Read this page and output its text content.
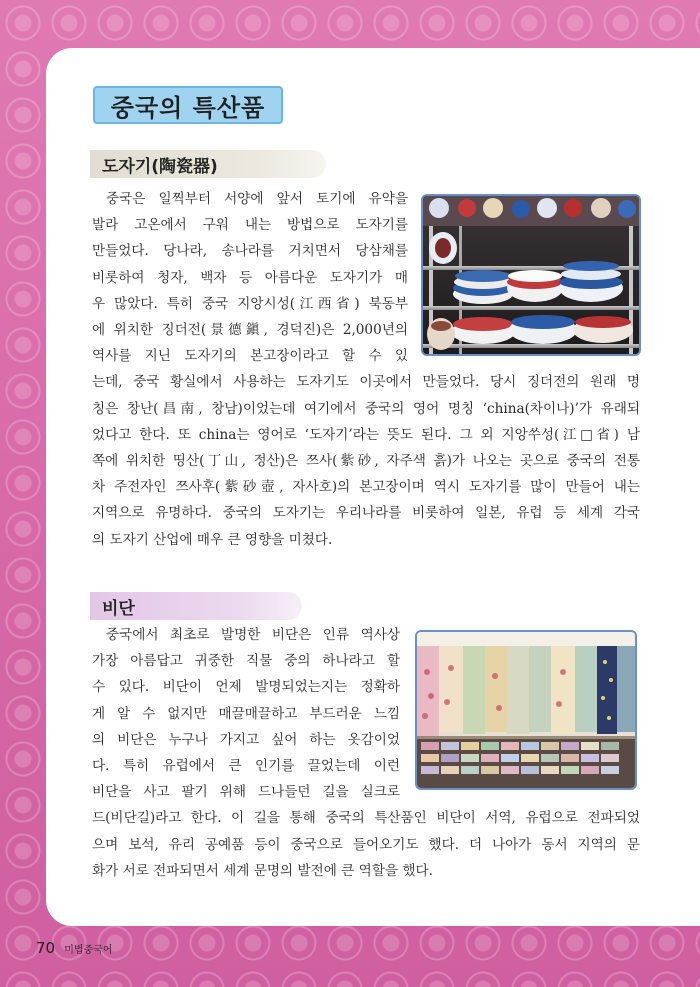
중국의 특산품
도자기(陶瓷器)

중국은 일찍부터 서양에 앞서 토기에 유약을
발라 고온에서 구워 내는 방법으로 도자기를
만들었다. 당나라, 송나라를 거치면서 당삼채를
비롯하여 청자, 백자 등 아름다운 도자기가 매
우 많았다. 특히 중국 지앙시성(江西省) 북동부
에 위치한 징더전(景德鎭, 경덕진)은 2,000년의
역사를 지닌 도자기의 본고장이라고 할 수 있
는데, 중국 황실에서 사용하는 도자기도 이곳에서 만들었다. 당시 징더전의 원래 명
칭은 창난(昌南, 창남)이었는데 여기에서 중국의 영어 명칭 ‘china(차이나)’가 유래되
었다고 한다. 또 china는 영어로 ‘도자기’라는 뜻도 된다. 그 외 지앙쑤성(江□省) 남
쪽에 위치한 띵산(丁山, 정산)은 쯔사(紫砂, 자주색 흙)가 나오는 곳으로 중국의 전통
차 주전자인 쯔사후(紫砂壺, 자사호)의 본고장이며 역시 도자기를 많이 만들어 내는
지역으로 유명하다. 중국의 도자기는 우리나라를 비롯하여 일본, 유럽 등 세계 각국
의 도자기 산업에 매우 큰 영향을 미쳤다.

비단

중국에서 최초로 발명한 비단은 인류 역사상
가장 아름답고 귀중한 직물 중의 하나라고 할
수 있다. 비단이 언제 발명되었는지는 정확하
게 알 수 없지만 매끌매끌하고 부드러운 느낌
의 비단은 누구나 가지고 싶어 하는 옷감이었
다. 특히 유럽에서 큰 인기를 끌었는데 이런
비단을 사고 팔기 위해 드나들던 길을 실크로
드(비단길)라고 한다. 이 길을 통해 중국의 특산품인 비단이 서역, 유럽으로 전파되었
으며 보석, 유리 공예품 등이 중국으로 들어오기도 했다. 더 나아가 동서 지역의 문
화가 서로 전파되면서 세계 문명의 발전에 큰 역할을 했다.

70 미법중국어
